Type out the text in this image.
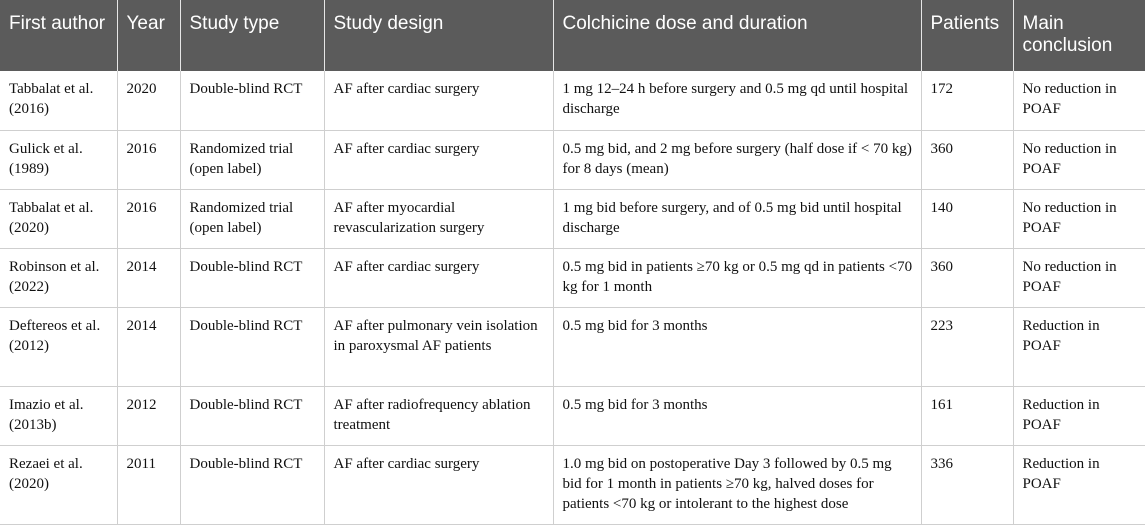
First author	Year	Study type	Study design	Colchicine dose and duration	Patients	Main conclusion
Tabbalat et al. (2016)	2020	Double-blind RCT	AF after cardiac surgery	1 mg 12–24 h before surgery and 0.5 mg qd until hospital discharge	172	No reduction in POAF
Gulick et al. (1989)	2016	Randomized trial (open label)	AF after cardiac surgery	0.5 mg bid, and 2 mg before surgery (half dose if < 70 kg) for 8 days (mean)	360	No reduction in POAF
Tabbalat et al. (2020)	2016	Randomized trial (open label)	AF after myocardial revascularization surgery	1 mg bid before surgery, and of 0.5 mg bid until hospital discharge	140	No reduction in POAF
Robinson et al. (2022)	2014	Double-blind RCT	AF after cardiac surgery	0.5 mg bid in patients ≥70 kg or 0.5 mg qd in patients <70 kg for 1 month	360	No reduction in POAF
Deftereos et al. (2012)	2014	Double-blind RCT	AF after pulmonary vein isolation in paroxysmal AF patients	0.5 mg bid for 3 months	223	Reduction in POAF
Imazio et al. (2013b)	2012	Double-blind RCT	AF after radiofrequency ablation treatment	0.5 mg bid for 3 months	161	Reduction in POAF
Rezaei et al. (2020)	2011	Double-blind RCT	AF after cardiac surgery	1.0 mg bid on postoperative Day 3 followed by 0.5 mg bid for 1 month in patients ≥70 kg, halved doses for patients <70 kg or intolerant to the highest dose	336	Reduction in POAF
